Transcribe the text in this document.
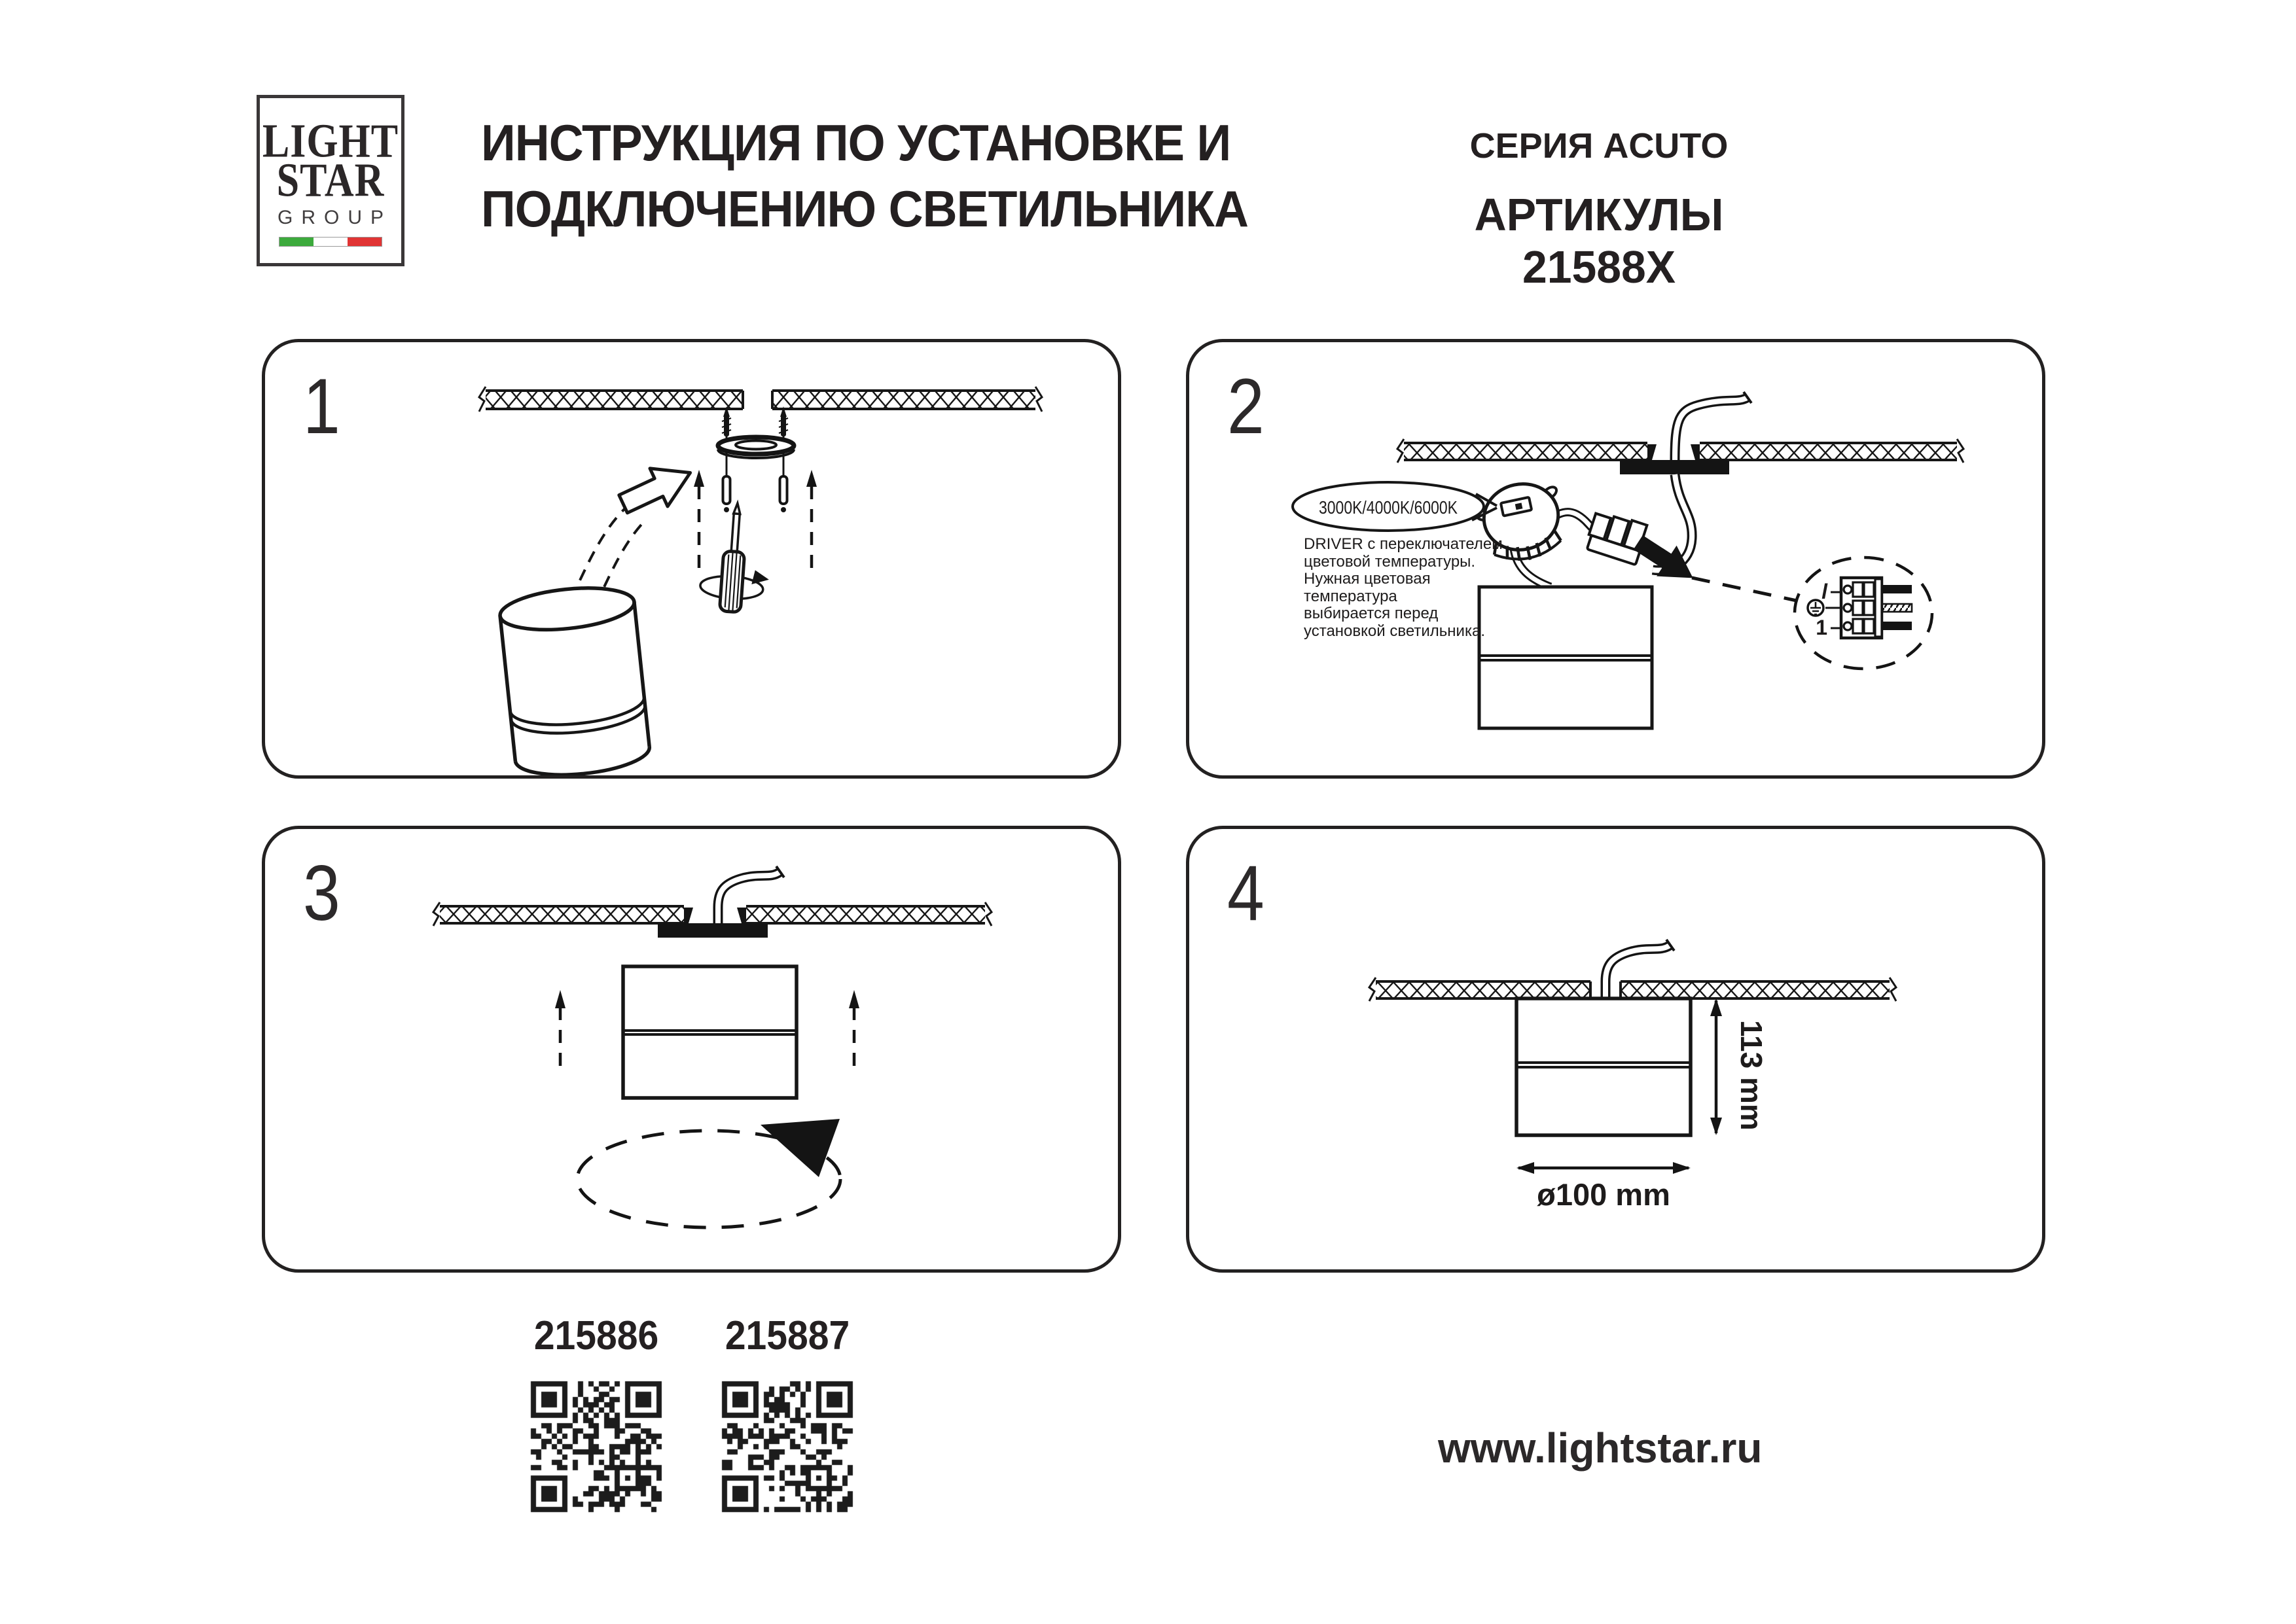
LIGHT
STAR
GROUP
ИНСТРУКЦИЯ ПО УСТАНОВКЕ И
ПОДКЛЮЧЕНИЮ СВЕТИЛЬНИКА
СЕРИЯ ACUTO
АРТИКУЛЫ 21588X
1	2
l
1
3000K/4000K/6000K
DRIVER с переключателем
цветовой температуры.
Нужная цветовая
температура
выбирается перед
установкой светильника.
3	4
113 mm
ø100 mm
215886 215887
www.lightstar.ru
